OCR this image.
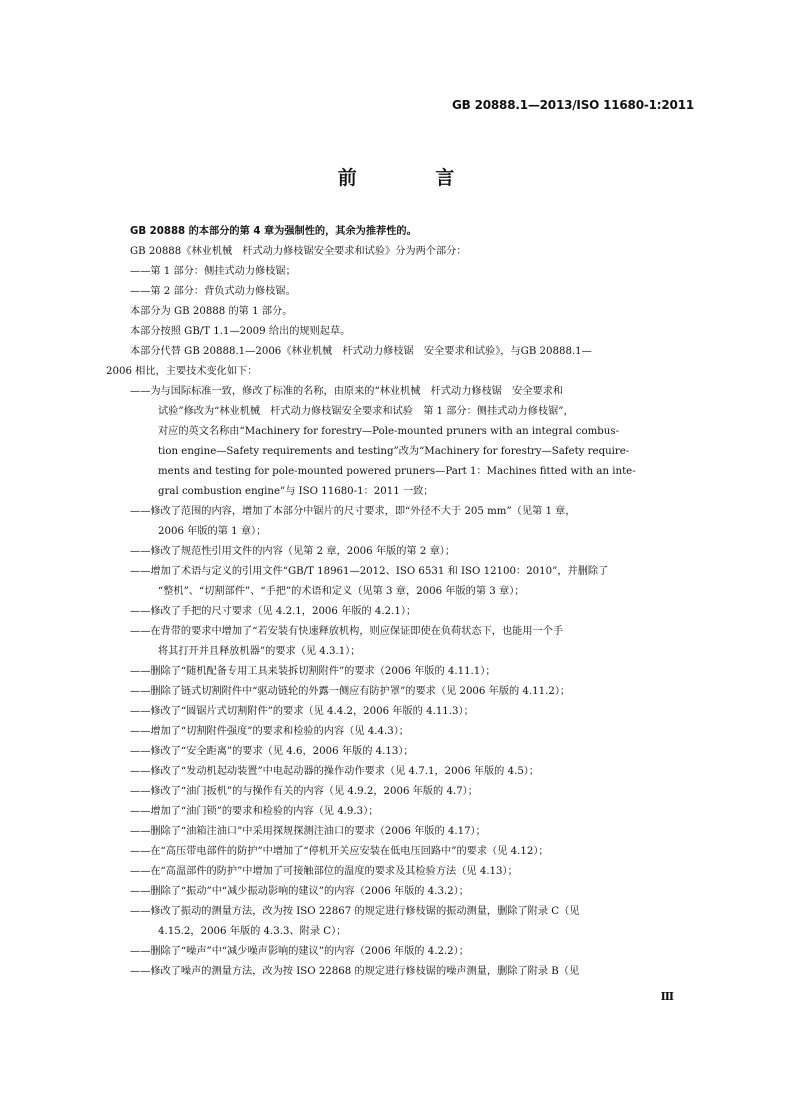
GB 20888.1—2013/ISO 11680-1:2011
前 言
GB 20888 的本部分的第 4 章为强制性的，其余为推荐性的。
GB 20888《林业机械　杆式动力修枝锯安全要求和试验》分为两个部分：
——第 1 部分：侧挂式动力修枝锯；
——第 2 部分：背负式动力修枝锯。
本部分为 GB 20888 的第 1 部分。
本部分按照 GB/T 1.1—2009 给出的规则起草。
本部分代替 GB 20888.1—2006《林业机械　杆式动力修枝锯　安全要求和试验》，与GB 20888.1—
2006 相比，主要技术变化如下：
——为与国际标准一致，修改了标准的名称，由原来的“林业机械　杆式动力修枝锯　安全要求和
试验”修改为“林业机械　杆式动力修枝锯安全要求和试验　第 1 部分：侧挂式动力修枝锯”，
对应的英文名称由“Machinery for forestry—Pole-mounted pruners with an integral combus-
tion engine—Safety requirements and testing”改为“Machinery for forestry—Safety require-
ments and testing for pole-mounted powered pruners—Part 1：Machines fitted with an inte-
gral combustion engine”与 ISO 11680-1：2011 一致；
——修改了范围的内容，增加了本部分中锯片的尺寸要求，即“外径不大于 205 mm”（见第 1 章，
2006 年版的第 1 章）；
——修改了规范性引用文件的内容（见第 2 章，2006 年版的第 2 章）；
——增加了术语与定义的引用文件“GB/T 18961—2012、ISO 6531 和 ISO 12100：2010”，并删除了
“整机”、“切割部件”、“手把”的术语和定义（见第 3 章，2006 年版的第 3 章）；
——修改了手把的尺寸要求（见 4.2.1，2006 年版的 4.2.1）；
——在背带的要求中增加了“若安装有快速释放机构，则应保证即使在负荷状态下，也能用一个手
将其打开并且释放机器”的要求（见 4.3.1）；
——删除了“随机配备专用工具来装拆切割附件”的要求（2006 年版的 4.11.1）；
——删除了链式切割附件中“驱动链轮的外露一侧应有防护罩”的要求（见 2006 年版的 4.11.2）；
——修改了“圆锯片式切割附件”的要求（见 4.4.2，2006 年版的 4.11.3）；
——增加了“切割附件强度”的要求和检验的内容（见 4.4.3）；
——修改了“安全距离”的要求（见 4.6，2006 年版的 4.13）；
——修改了“发动机起动装置”中电起动器的操作动作要求（见 4.7.1，2006 年版的 4.5）；
——修改了“油门扳机”的与操作有关的内容（见 4.9.2，2006 年版的 4.7）；
——增加了“油门锁”的要求和检验的内容（见 4.9.3）；
——删除了“油箱注油口”中采用探规探测注油口的要求（2006 年版的 4.17）；
——在“高压带电部件的防护”中增加了“停机开关应安装在低电压回路中”的要求（见 4.12）；
——在“高温部件的防护”中增加了可接触部位的温度的要求及其检验方法（见 4.13）；
——删除了“振动”中“减少振动影响的建议”的内容（2006 年版的 4.3.2）；
——修改了振动的测量方法，改为按 ISO 22867 的规定进行修枝锯的振动测量，删除了附录 C（见
4.15.2，2006 年版的 4.3.3、附录 C）；
——删除了“噪声”中“减少噪声影响的建议”的内容（2006 年版的 4.2.2）；
——修改了噪声的测量方法，改为按 ISO 22868 的规定进行修枝锯的噪声测量，删除了附录 B（见
Ⅲ
